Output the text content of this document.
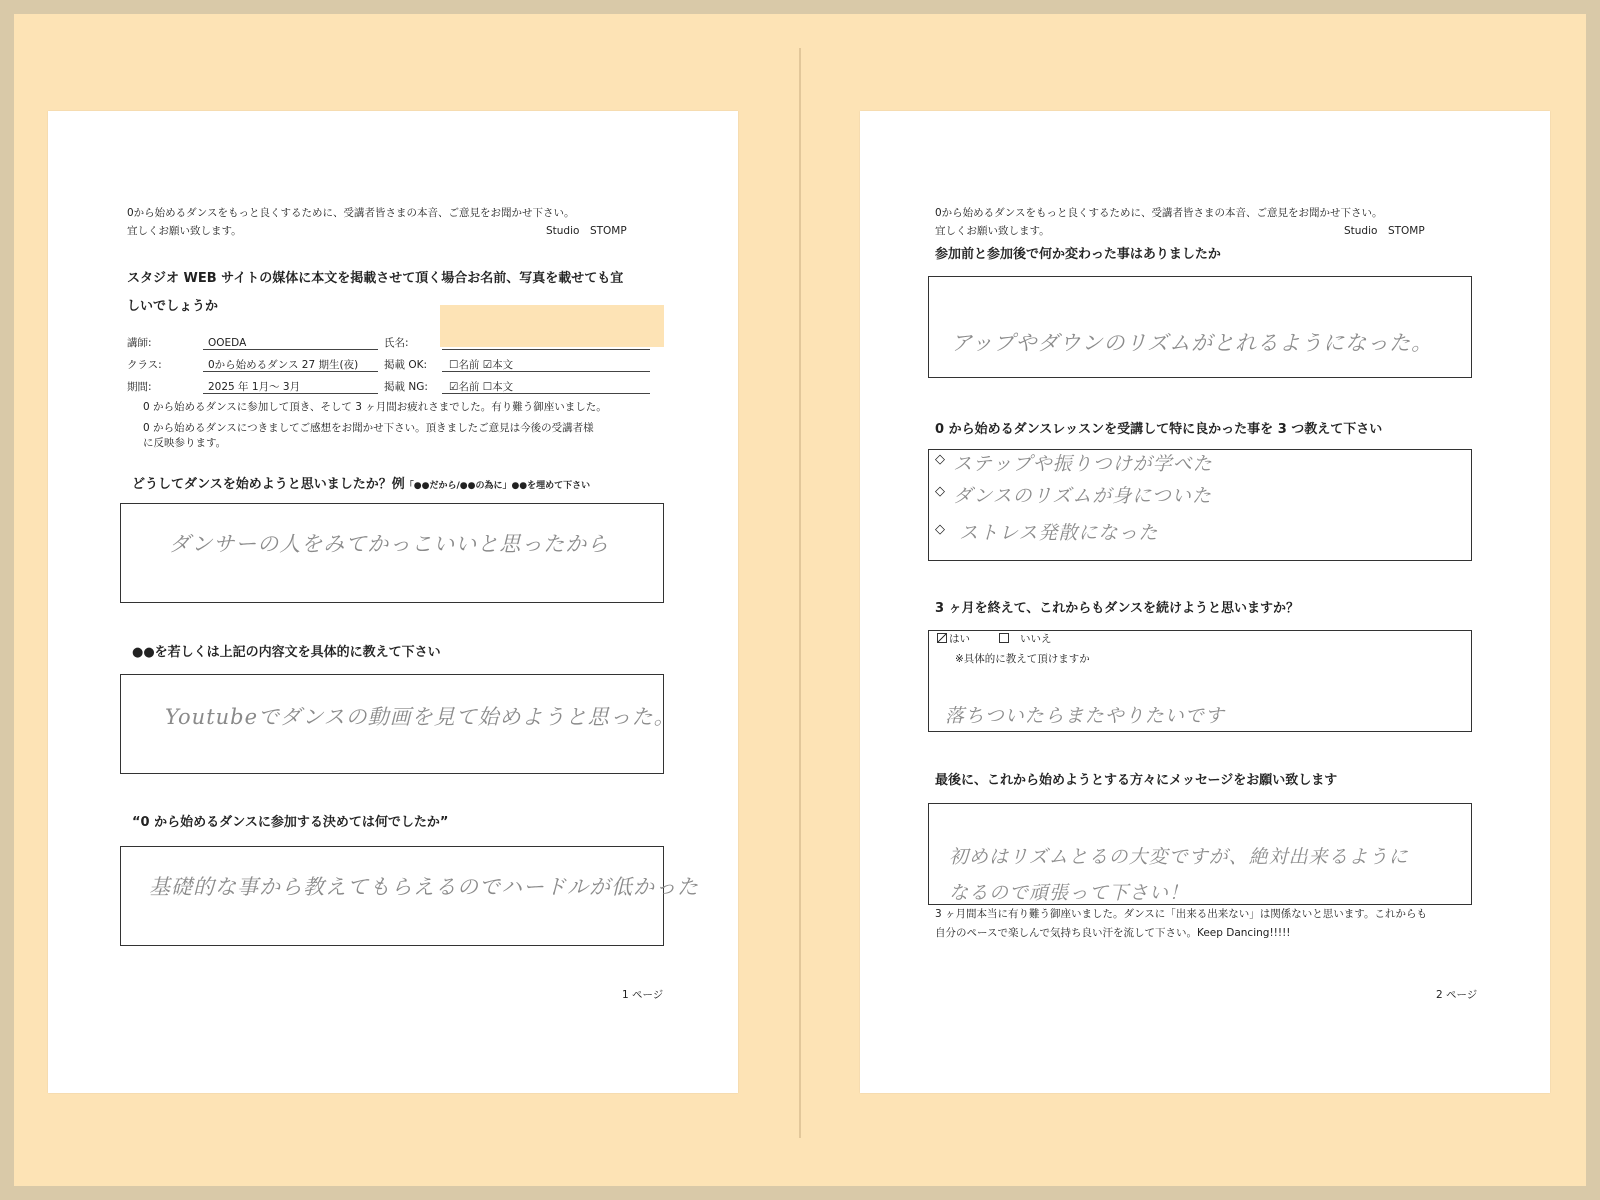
0から始めるダンスをもっと良くするために、受講者皆さまの本音、ご意見をお聞かせ下さい。
宜しくお願い致します。	Studio　STOMP
スタジオ WEB サイトの媒体に本文を掲載させて頂く場合お名前、写真を載せても宜
しいでしょうか
講師:	OOEDA	氏名:
クラス:	0から始めるダンス 27 期生(夜) 掲載 OK: ☐名前 ☑本文
期間:	2025 年 1月～ 3月	掲載 NG: ☑名前 ☐本文
0 から始めるダンスに参加して頂き、そして 3 ヶ月間お疲れさまでした。有り難う御座いました。
0 から始めるダンスにつきましてご感想をお聞かせ下さい。頂きましたご意見は今後の受講者様
に反映参ります。
どうしてダンスを始めようと思いましたか？例「●●だから/●●の為に」●●を埋めて下さい
ダンサーの人をみてかっこいいと思ったから
●●を若しくは上記の内容文を具体的に教えて下さい
Youtubeでダンスの動画を見て始めようと思った。
“0 から始めるダンスに参加する決めては何でしたか”
基礎的な事から教えてもらえるのでハードルが低かった
1 ページ
0から始めるダンスをもっと良くするために、受講者皆さまの本音、ご意見をお聞かせ下さい。
宜しくお願い致します。	Studio　STOMP
参加前と参加後で何か変わった事はありましたか
アップやダウンのリズムがとれるようになった。
0 から始めるダンスレッスンを受講して特に良かった事を 3 つ教えて下さい
◇ ステップや振りつけが学べた
◇ ダンスのリズムが身についた
◇ ストレス発散になった
3 ヶ月を終えて、これからもダンスを続けようと思いますか？
はい	いいえ
※具体的に教えて頂けますか
落ちついたらまたやりたいです
最後に、これから始めようとする方々にメッセージをお願い致します
初めはリズムとるの大変ですが、絶対出来るように
なるので頑張って下さい！
3 ヶ月間本当に有り難う御座いました。ダンスに「出来る出来ない」は関係ないと思います。これからも
自分のペースで楽しんで気持ち良い汗を流して下さい。Keep Dancing!!!!!
2 ページ
